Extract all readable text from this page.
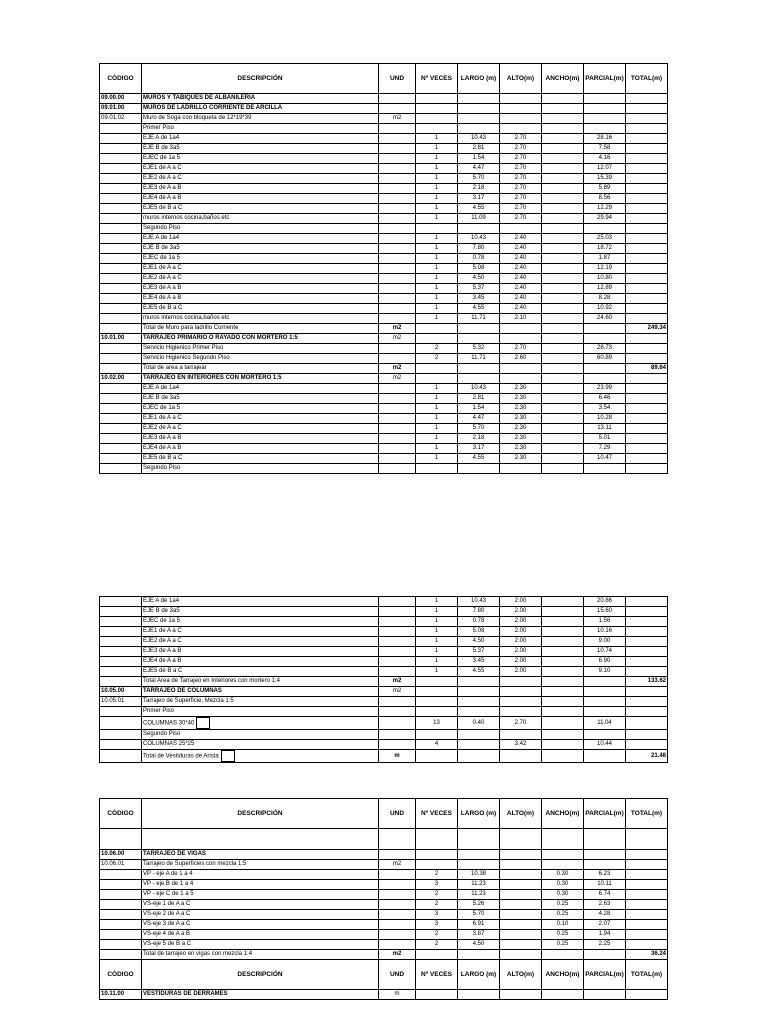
CÓDIGO	DESCRIPCIÓN	UND	Nº VECES	LARGO (m)	ALTO(m)	ANCHO(m)	PARCIAL(m)	TOTAL(m)
09.00.00	MUROS Y TABIQUES DE ALBAÑILERÍA							
09.01.00	MUROS DE LADRILLO CORRIENTE DE ARCILLA							
09.01.02	Muro de Soga con bloqueta de 12*19*39	m2						
	Primer Piso							
	EJE A de 1a4		1	10.43	2.70		28.16	
	EJE B de 3a5		1	2.81	2.70		7.58	
	EJEC de 1a 5		1	1.54	2.70		4.16	
	EJE1 de A a C		1	4.47	2.70		12.07	
	EJE2 de A a C		1	5.70	2.70		15.39	
	EJE3 de A a B		1	2.18	2.70		5.89	
	EJE4 de A a B		1	3.17	2.70		8.56	
	EJE5 de B a C		1	4.55	2.70		12.29	
	muros internos cocina,baños etc		1	11.09	2.70		29.94	
	Segundo Piso							
	EJE A de 1a4		1	10.43	2.40		25.03	
	EJE B de 3a5		1	7.80	2.40		18.72	
	EJEC de 1a 5		1	0.78	2.40		1.87	
	EJE1 de A a C		1	5.08	2.40		12.19	
	EJE2 de A a C		1	4.50	2.40		10.80	
	EJE3 de A a B		1	5.37	2.40		12.89	
	EJE4 de A a B		1	3.45	2.40		8.28	
	EJE5 de B a C		1	4.55	2.40		10.92	
	muros internos cocina,baños etc		1	11.71	2.10		24.60	
	Total de Muro para ladrillo Corriente	m2						249.34
10.01.00	TARRAJEO PRIMARIO O RAYADO CON MORTERO 1:5	m2						
	Servicio Higienico Primer Piso		2	5.32	2.70		28.73	
	Servicio Higienico Segundo Piso		2	11.71	2.60		60.89	
	Total de area a tarrajear	m2						89.64
10.02.00	TARRAJEO EN INTERIORES CON MORTERO 1:5	m2						
	EJE A de 1a4		1	10.43	2.30		23.99	
	EJE B de 3a5		1	2.81	2.30		6.46	
	EJEC de 1a 5		1	1.54	2.30		3.54	
	EJE1 de A a C		1	4.47	2.30		10.28	
	EJE2 de A a C		1	5.70	2.30		13.11	
	EJE3 de A a B		1	2.18	2.30		5.01	
	EJE4 de A a B		1	3.17	2.30		7.29	
	EJE5 de B a C		1	4.55	2.30		10.47	
	Segundo Piso							
	EJE A de 1a4		1	10.43	2.00		20.86	
	EJE B de 3a5		1	7.80	2.00		15.60	
	EJEC de 1a 5		1	0.78	2.00		1.56	
	EJE1 de A a C		1	5.08	2.00		10.16	
	EJE2 de A a C		1	4.50	2.00		9.00	
	EJE3 de A a B		1	5.37	2.00		10.74	
	EJE4 de A a B		1	3.45	2.00		6.90	
	EJE5 de B a C		1	4.55	2.00		9.10	
	Total Area de Tarrajeo en Interiores con mortero 1:4	m2						133.62
10.05.00	TARRAJEO DE COLUMNAS	m2						
10.05.01	Tarrajeo de Superficie, Mezcla 1:5							
	Primer Piso							
	COLUMNAS 30*40		13	0.40	2.70		11.04	
	Segundo Piso							
	COLUMNAS 25*25		4		3.42		10.44	
	Total de Vestiduras de Arista	m						21.48
CÓDIGO	DESCRIPCIÓN	UND	Nº VECES	LARGO (m)	ALTO(m)	ANCHO(m)	PARCIAL(m)	TOTAL(m)

10.06.00	TARRAJEO DE VIGAS							
10.06.01	Tarrajeo de Superficies con mezcla 1:5	m2						
	VP - eje A de 1 a 4		2	10.38		0.30	6.23	
	VP - eje B de 1 a 4		3	11.23		0.30	10.11	
	VP - eje C de 1 a 5		2	11.23		0.30	6.74	
	VS-eje 1 de A a C		2	5.26		0.25	2.63	
	VS-eje 2 de A a C		3	5.70		0.25	4.28	
	VS-eje 3 de A a C		3	6.91		0.10	2.07	
	VS-eje 4 de A a B		2	3.87		0.25	1.94	
	VS-eje 5 de B a C		2	4.50		0.25	2.25	
	Total de tarrajeo en vigas con mezcla 1:4	m2						36.24
CÓDIGO	DESCRIPCIÓN	UND	Nº VECES	LARGO (m)	ALTO(m)	ANCHO(m)	PARCIAL(m)	TOTAL(m)
10.11.00	VESTIDURAS DE DERRAMES	m						
